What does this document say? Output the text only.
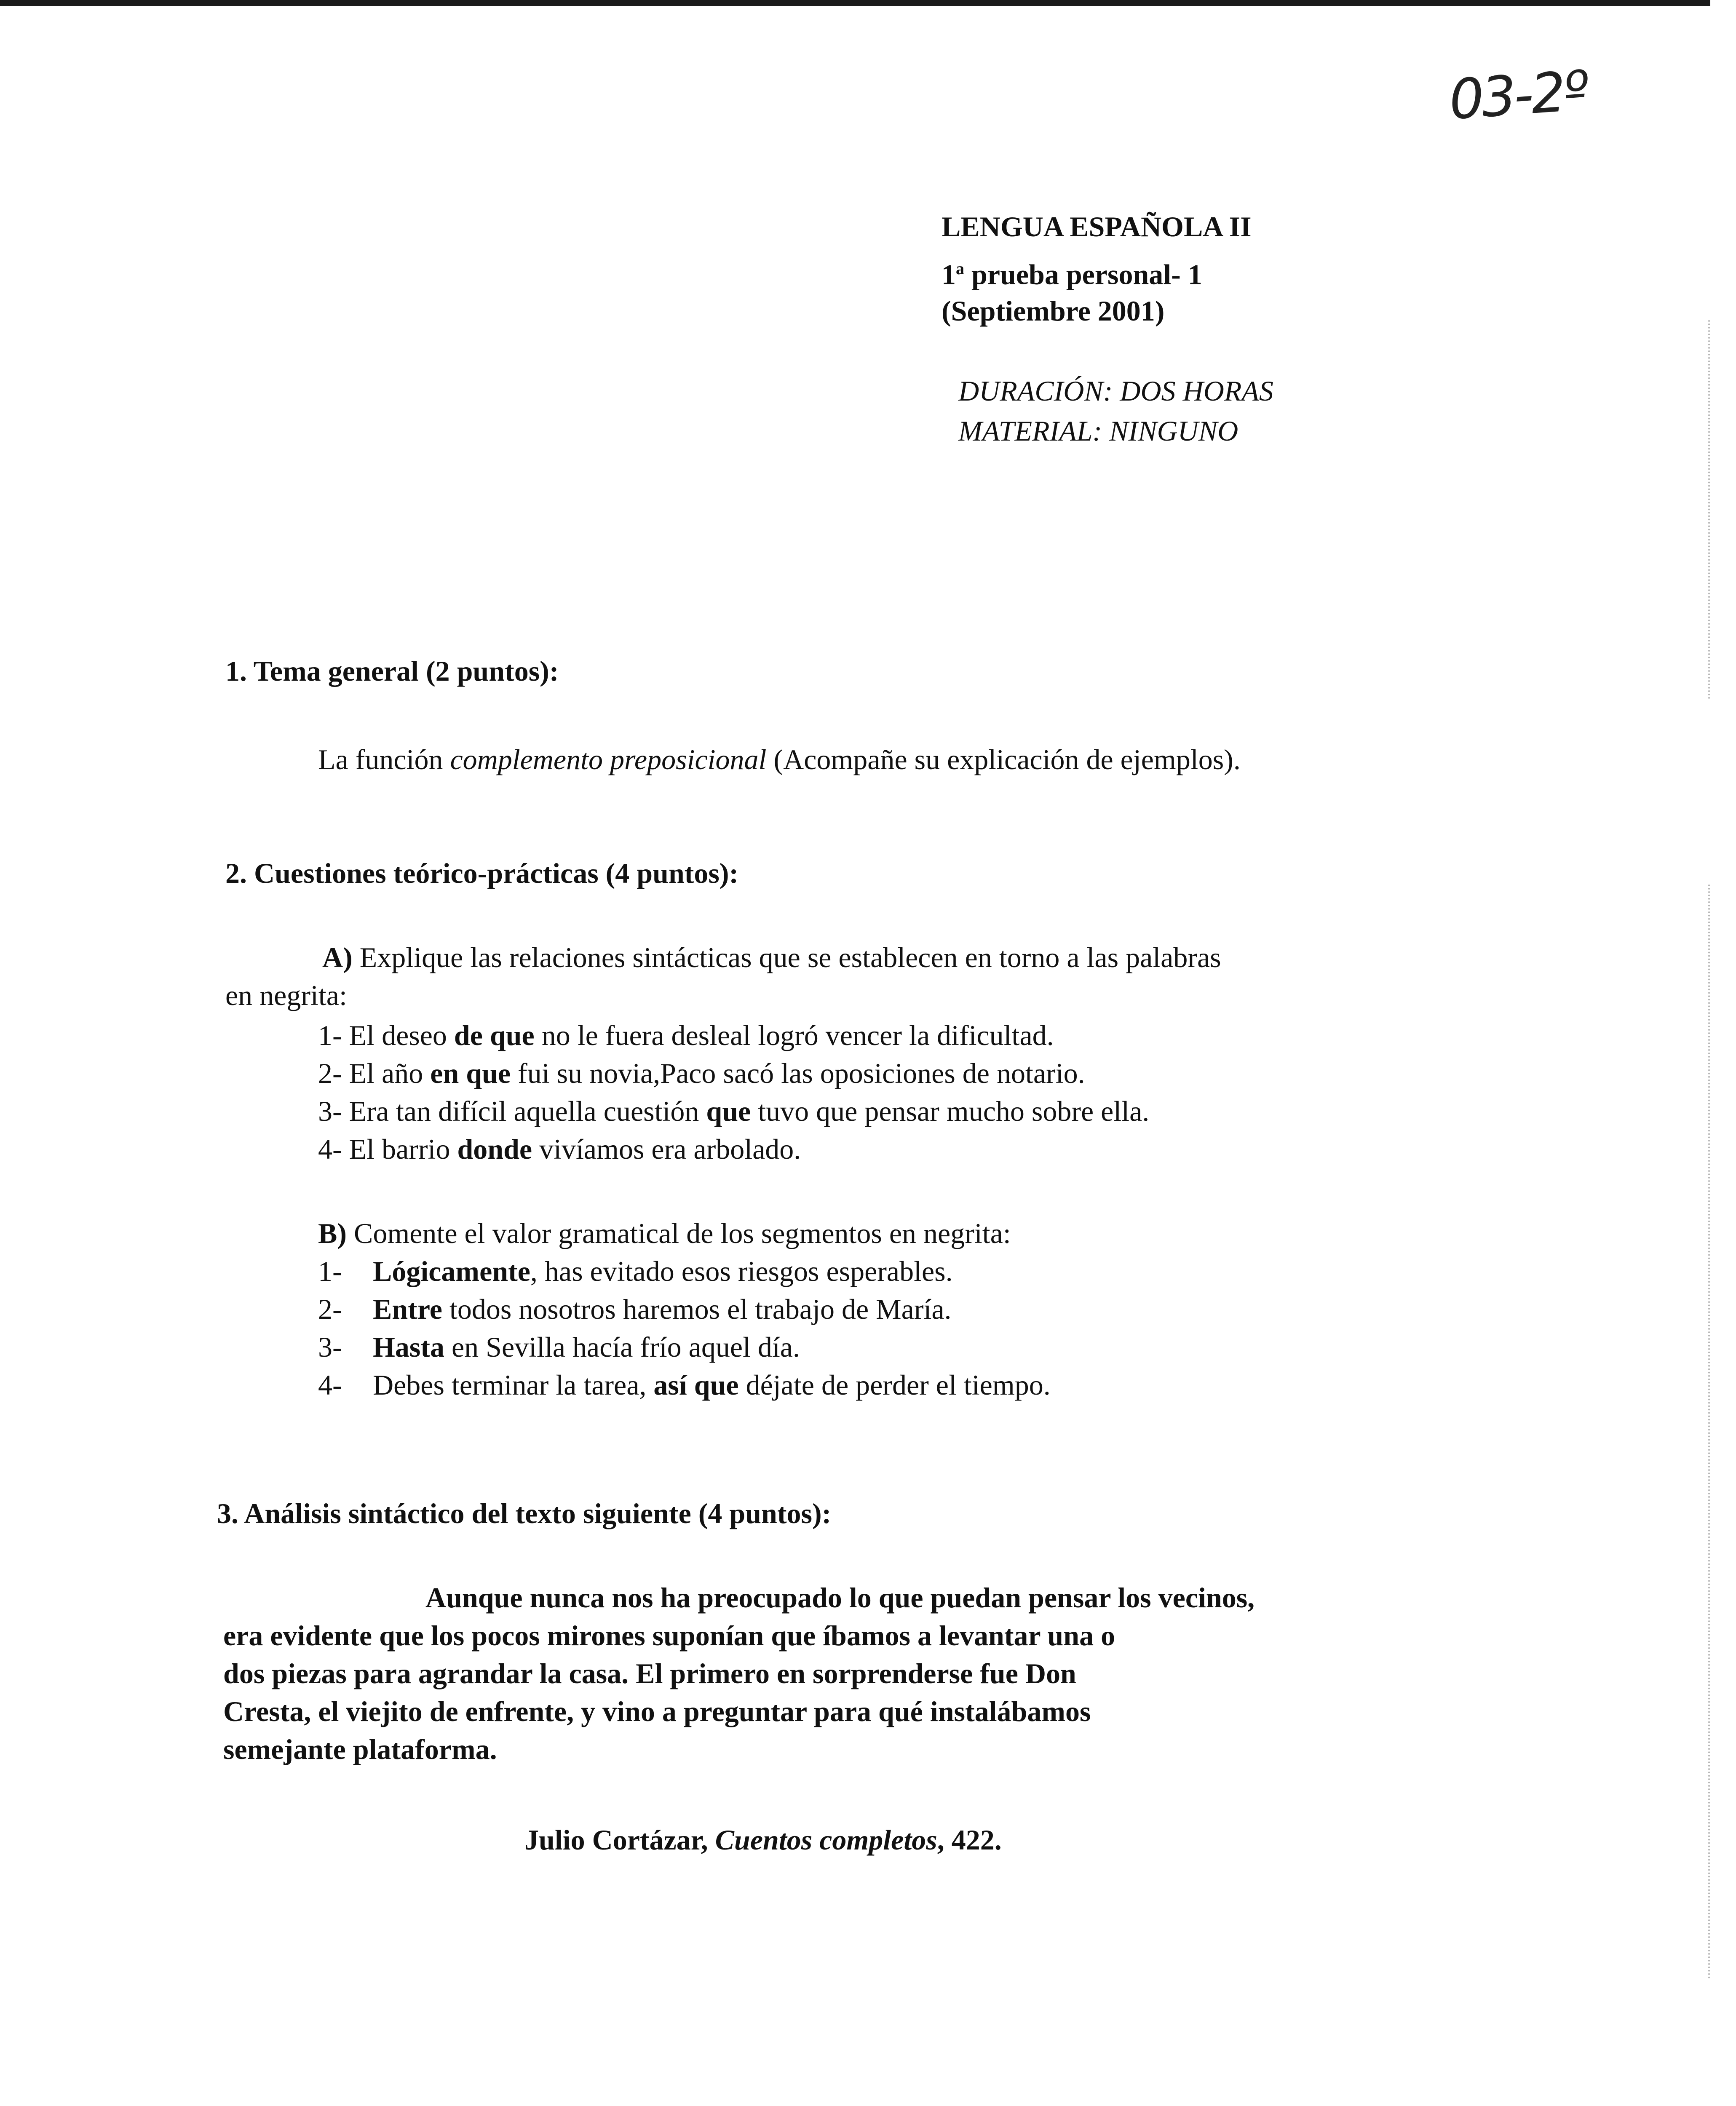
03-2º
LENGUA ESPAÑOLA II
1$^a$ prueba personal- 1
(Septiembre 2001)
DURACIÓN: DOS HORAS
MATERIAL: NINGUNO
1. Tema general (2 puntos):
La función complemento preposicional (Acompañe su explicación de ejemplos).
2. Cuestiones teórico-prácticas (4 puntos):
A) Explique las relaciones sintácticas que se establecen en torno a las palabras
en negrita:
1- El deseo de que no le fuera desleal logró vencer la dificultad.
2- El año en que fui su novia,Paco sacó las oposiciones de notario.
3- Era tan difícil aquella cuestión que tuvo que pensar mucho sobre ella.
4- El barrio donde vivíamos era arbolado.
B) Comente el valor gramatical de los segmentos en negrita:
1- Lógicamente, has evitado esos riesgos esperables.
2- Entre todos nosotros haremos el trabajo de María.
3- Hasta en Sevilla hacía frío aquel día.
4- Debes terminar la tarea, así que déjate de perder el tiempo.
3. Análisis sintáctico del texto siguiente (4 puntos):
Aunque nunca nos ha preocupado lo que puedan pensar los vecinos,
era evidente que los pocos mirones suponían que íbamos a levantar una o
dos piezas para agrandar la casa. El primero en sorprenderse fue Don
Cresta, el viejito de enfrente, y vino a preguntar para qué instalábamos
semejante plataforma.
Julio Cortázar, Cuentos completos, 422.
